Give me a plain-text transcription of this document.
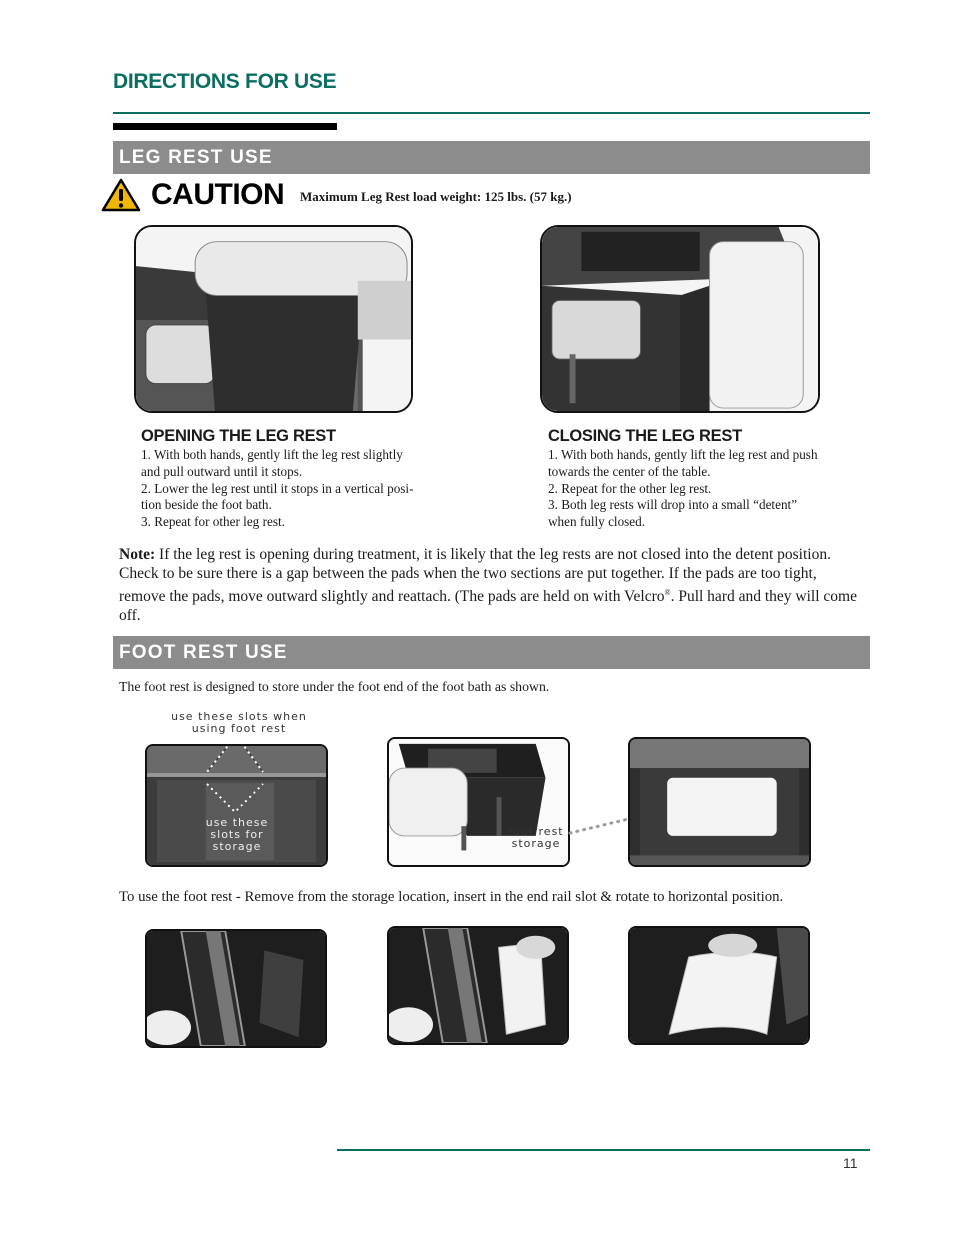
DIRECTIONS FOR USE
LEG REST USE
CAUTION Maximum Leg Rest load weight: 125 lbs. (57 kg.)
OPENING THE LEG REST
1. With both hands, gently lift the leg rest slightly
and pull outward until it stops.
2. Lower the leg rest until it stops in a vertical posi-
tion beside the foot bath.
3. Repeat for other leg rest.
CLOSING THE LEG REST
1. With both hands, gently lift the leg rest and push
towards the center of the table.
2. Repeat for the other leg rest.
3. Both leg rests will drop into a small “detent”
when fully closed.
Note: If the leg rest is opening during treatment, it is likely that the leg rests are not closed into the detent position. Check to be sure there is a gap between the pads when the two sections are put together. If the pads are too tight, remove the pads, move outward slightly and reattach. (The pads are held on with Velcro®. Pull hard and they will come off.
FOOT REST USE
The foot rest is designed to store under the foot end of the foot bath as shown.
use these slots when
using foot rest
use these
slots for
storage
foot rest
storage
To use the foot rest - Remove from the storage location, insert in the end rail slot & rotate to horizontal position.
11
